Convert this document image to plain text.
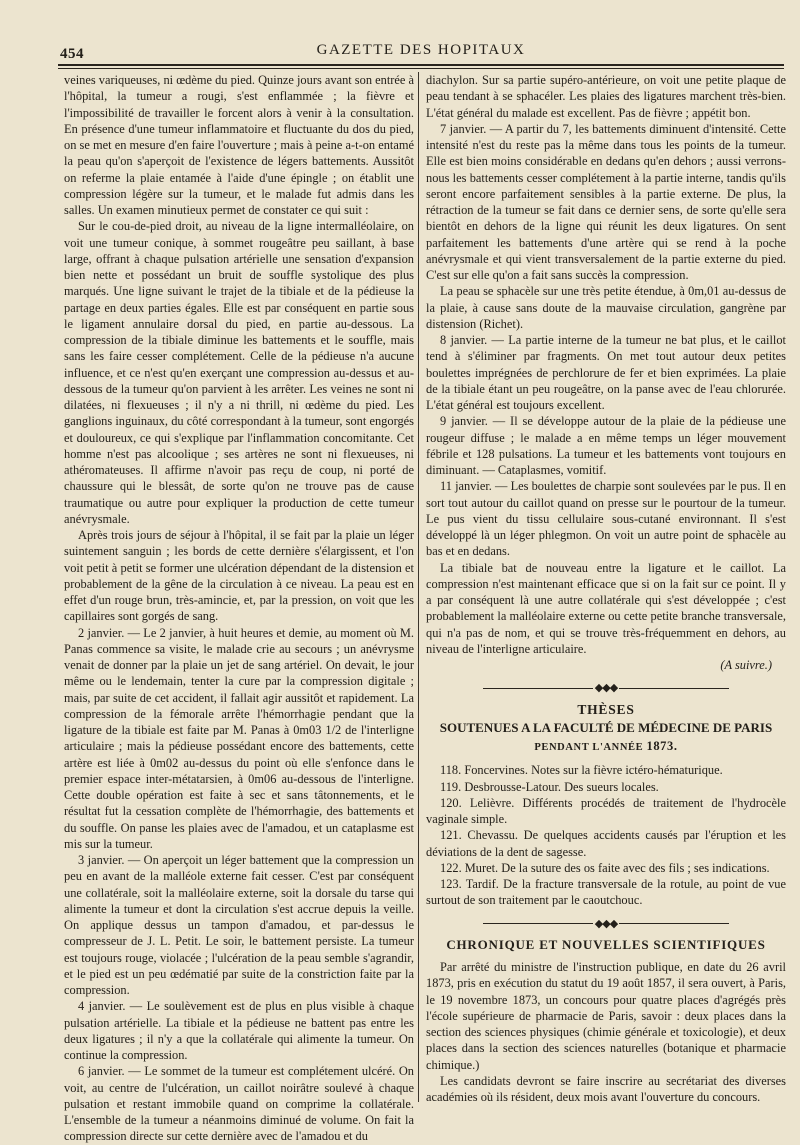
454	GAZETTE DES HOPITAUX

veines variqueuses, ni œdème du pied. Quinze jours avant son entrée à l'hôpital, la tumeur a rougi, s'est enflammée ; la fièvre et l'impossibilité de travailler le forcent alors à venir à la consultation. En présence d'une tumeur inflammatoire et fluctuante du dos du pied, on se met en mesure d'en faire l'ouverture ; mais à peine a-t-on entamé la peau qu'on s'aperçoit de l'existence de légers battements. Aussitôt on referme la plaie entamée à l'aide d'une épingle ; on établit une compression légère sur la tumeur, et le malade fut admis dans les salles. Un examen minutieux permet de constater ce qui suit :

Sur le cou-de-pied droit, au niveau de la ligne intermalléolaire, on voit une tumeur conique, à sommet rougeâtre peu saillant, à base large, offrant à chaque pulsation artérielle une sensation d'expansion bien nette et possédant un bruit de souffle systolique des plus marqués. Une ligne suivant le trajet de la tibiale et de la pédieuse la partage en deux parties égales. Elle est par conséquent en partie sous le ligament annulaire dorsal du pied, en partie au-dessous. La compression de la tibiale diminue les battements et le souffle, mais sans les faire cesser complétement. Celle de la pédieuse n'a aucune influence, et ce n'est qu'en exerçant une compression au-dessus et au-dessous de la tumeur qu'on parvient à les arrêter. Les veines ne sont ni dilatées, ni flexueuses ; il n'y a ni thrill, ni œdème du pied. Les ganglions inguinaux, du côté correspondant à la tumeur, sont engorgés et douloureux, ce qui s'explique par l'inflammation concomitante. Cet homme n'est pas alcoolique ; ses artères ne sont ni flexueuses, ni athéromateuses. Il affirme n'avoir pas reçu de coup, ni porté de chaussure qui le blessât, de sorte qu'on ne trouve pas de cause traumatique ou autre pour expliquer la production de cette tumeur anévrysmale.

Après trois jours de séjour à l'hôpital, il se fait par la plaie un léger suintement sanguin ; les bords de cette dernière s'élargissent, et l'on voit petit à petit se former une ulcération dépendant de la distension et probablement de la gêne de la circulation à ce niveau. La peau est en effet d'un rouge brun, très-amincie, et, par la pression, on voit que les capillaires sont gorgés de sang.

2 janvier. — Le 2 janvier, à huit heures et demie, au moment où M. Panas commence sa visite, le malade crie au secours ; un anévrysme venait de donner par la plaie un jet de sang artériel. On devait, le jour même ou le lendemain, tenter la cure par la compression digitale ; mais, par suite de cet accident, il fallait agir aussitôt et rapidement. La compression de la fémorale arrête l'hémorrhagie pendant que la ligature de la tibiale est faite par M. Panas à 0m03 1/2 de l'interligne articulaire ; mais la pédieuse possédant encore des battements, cette artère est liée à 0m02 au-dessus du point où elle s'enfonce dans le premier espace inter-métatarsien, à 0m06 au-dessous de l'interligne. Cette double opération est faite à sec et sans tâtonnements, et le résultat fut la cessation complète de l'hémorrhagie, des battements et du souffle. On panse les plaies avec de l'amadou, et un cataplasme est mis sur la tumeur.

3 janvier. — On aperçoit un léger battement que la compression un peu en avant de la malléole externe fait cesser. C'est par conséquent une collatérale, soit la malléolaire externe, soit la dorsale du tarse qui alimente la tumeur et dont la circulation s'est accrue depuis la veille. On applique dessus un tampon d'amadou, et par-dessus le compresseur de J. L. Petit. Le soir, le battement persiste. La tumeur est toujours rouge, violacée ; l'ulcération de la peau semble s'agrandir, et le pied est un peu œdématié par suite de la constriction faite par la compression.

4 janvier. — Le soulèvement est de plus en plus visible à chaque pulsation artérielle. La tibiale et la pédieuse ne battent pas entre les deux ligatures ; il n'y a que la collatérale qui alimente la tumeur. On continue la compression.

6 janvier. — Le sommet de la tumeur est complétement ulcéré. On voit, au centre de l'ulcération, un caillot noirâtre soulevé à chaque pulsation et restant immobile quand on comprime la collatérale. L'ensemble de la tumeur a néanmoins diminué de volume. On fait la compression directe sur cette dernière avec de l'amadou et du

diachylon. Sur sa partie supéro-antérieure, on voit une petite plaque de peau tendant à se sphacéler. Les plaies des ligatures marchent très-bien. L'état général du malade est excellent. Pas de fièvre ; appétit bon.

7 janvier. — A partir du 7, les battements diminuent d'intensité. Cette intensité n'est du reste pas la même dans tous les points de la tumeur. Elle est bien moins considérable en dedans qu'en dehors ; aussi verrons-nous les battements cesser complétement à la partie interne, tandis qu'ils seront encore parfaitement sensibles à la partie externe. De plus, la rétraction de la tumeur se fait dans ce dernier sens, de sorte qu'elle sera bientôt en dehors de la ligne qui réunit les deux ligatures. On sent parfaitement les battements d'une artère qui se rend à la poche anévrysmale et qui vient transversalement de la partie externe du pied. C'est sur elle qu'on a fait sans succès la compression.

La peau se sphacèle sur une très petite étendue, à 0m,01 au-dessus de la plaie, à cause sans doute de la mauvaise circulation, gangrène par distension (Richet).

8 janvier. — La partie interne de la tumeur ne bat plus, et le caillot tend à s'éliminer par fragments. On met tout autour deux petites boulettes imprégnées de perchlorure de fer et bien exprimées. La plaie de la tibiale étant un peu rougeâtre, on la panse avec de l'eau chlorurée. L'état général est toujours excellent.

9 janvier. — Il se développe autour de la plaie de la pédieuse une rougeur diffuse ; le malade a en même temps un léger mouvement fébrile et 128 pulsations. La tumeur et les battements vont toujours en diminuant. — Cataplasmes, vomitif.

11 janvier. — Les boulettes de charpie sont soulevées par le pus. Il en sort tout autour du caillot quand on presse sur le pourtour de la tumeur. Le pus vient du tissu cellulaire sous-cutané environnant. Il s'est développé là un léger phlegmon. On voit un autre point de sphacèle au bas et en dedans.

La tibiale bat de nouveau entre la ligature et le caillot. La compression n'est maintenant efficace que si on la fait sur ce point. Il y a par conséquent là une autre collatérale qui s'est développée ; c'est probablement la malléolaire externe ou cette petite branche transversale, qui n'a pas de nom, et qui se trouve très-fréquemment en dehors, au niveau de l'interligne articulaire.

(A suivre.)
◆◆◆
THÈSES
SOUTENUES A LA FACULTÉ DE MÉDECINE DE PARIS
PENDANT L'ANNÉE 1873.

118. Foncervines. Notes sur la fièvre ictéro-hématurique.

119. Desbrousse-Latour. Des sueurs locales.

120. Lelièvre. Différents procédés de traitement de l'hydrocèle vaginale simple.

121. Chevassu. De quelques accidents causés par l'éruption et les déviations de la dent de sagesse.

122. Muret. De la suture des os faite avec des fils ; ses indications.

123. Tardif. De la fracture transversale de la rotule, au point de vue surtout de son traitement par le caoutchouc.

◆◆◆
CHRONIQUE ET NOUVELLES SCIENTIFIQUES

Par arrêté du ministre de l'instruction publique, en date du 26 avril 1873, pris en exécution du statut du 19 août 1857, il sera ouvert, à Paris, le 19 novembre 1873, un concours pour quatre places d'agrégés près l'école supérieure de pharmacie de Paris, savoir : deux places dans la section des sciences physiques (chimie générale et toxicologie), et deux places dans la section des sciences naturelles (botanique et pharmacie chimique.)

Les candidats devront se faire inscrire au secrétariat des diverses académies où ils résident, deux mois avant l'ouverture du concours.
